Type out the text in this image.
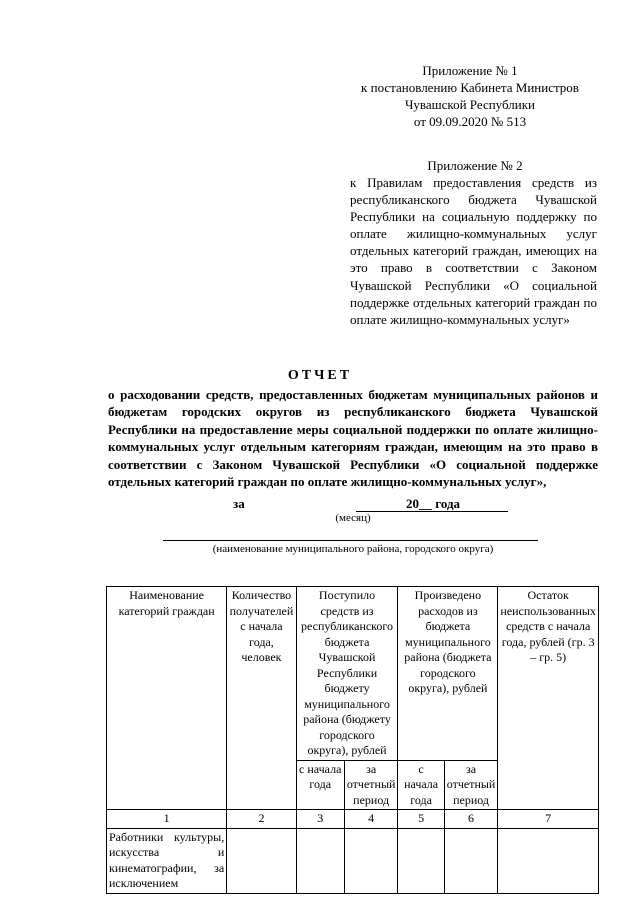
Приложение № 1
к постановлению Кабинета Министров
Чувашской Республики
от 09.09.2020 № 513
Приложение № 2
к Правилам предоставления средств из республиканского бюджета Чувашской Республики на социальную поддержку по оплате жилищно-коммунальных услуг отдельных категорий граждан, имеющих на это право в соответствии с Законом Чувашской Республики «О социальной поддержке отдельных категорий граждан по оплате жилищно-коммунальных услуг»
ОТЧЕТ
о расходовании средств, предоставленных бюджетам муниципальных районов и бюджетам городских округов из республиканского бюджета Чувашской Республики на предоставление меры социальной поддержки по оплате жилищно-коммунальных услуг отдельным категориям граждан, имеющим на это право в соответствии с Законом Чувашской Республики «О социальной поддержке отдельных категорий граждан по оплате жилищно-коммунальных услуг»,
за	20__ года
(месяц)
(наименование муниципального района, городского округа)
Наименование категорий граждан	Количество получателей с начала года, человек	Поступило средств из республиканского бюджета Чувашской Республики бюджету муниципального района (бюджету городского округа), рублей		Произведено расходов из бюджета муниципального района (бюджета городского округа), рублей		Остаток неиспользованных средств с начала года, рублей (гр. 3 – гр. 5)
		с начала года	за отчетный период	с начала года	за отчетный период	
1	2	3	4	5	6	7
Работники культуры, искусства и кинематографии, за исключением						
